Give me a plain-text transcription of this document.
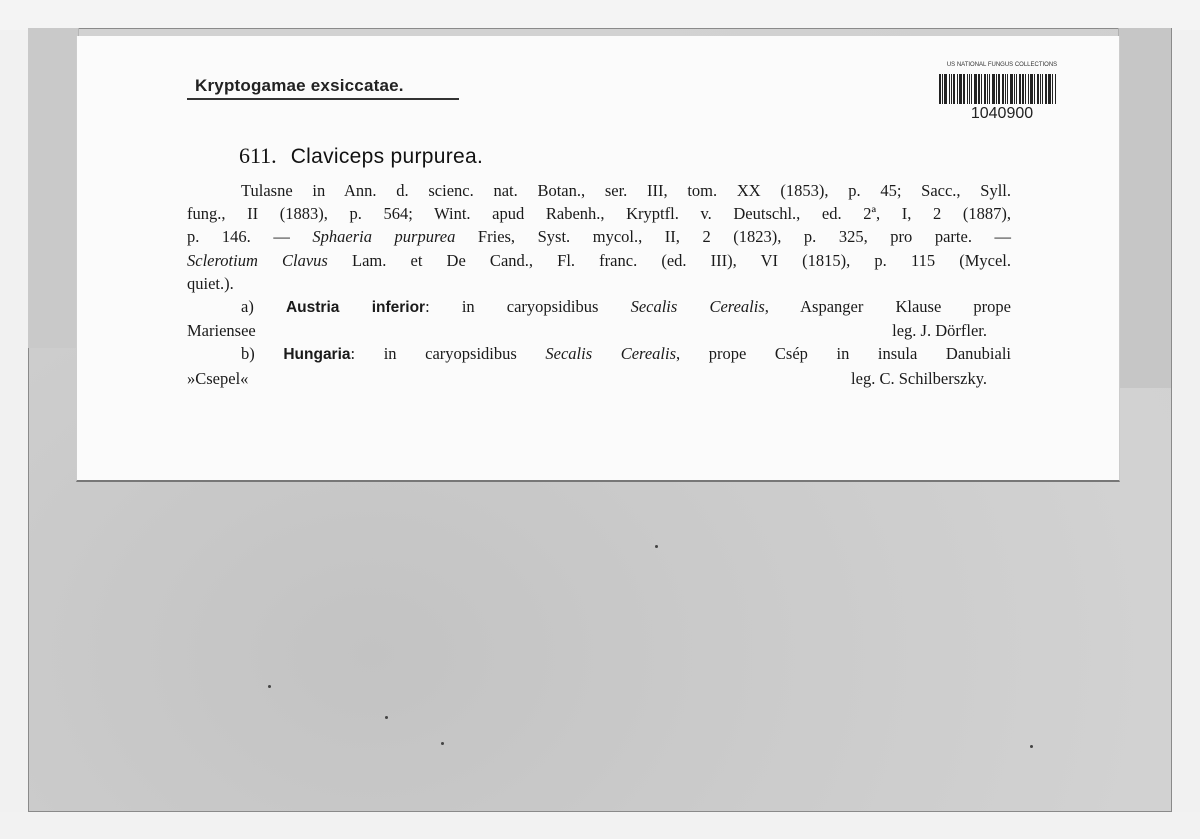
Kryptogamae exsiccatae.
US NATIONAL FUNGUS COLLECTIONS
1040900
611. Claviceps purpurea.
Tulasne in Ann. d. scienc. nat. Botan., ser. III, tom. XX (1853), p. 45; Sacc., Syll.
fung., II (1883), p. 564; Wint. apud Rabenh., Kryptfl. v. Deutschl., ed. 2ª, I, 2 (1887),
p. 146. — Sphaeria purpurea Fries, Syst. mycol., II, 2 (1823), p. 325, pro parte. —
Sclerotium Clavus Lam. et De Cand., Fl. franc. (ed. III), VI (1815), p. 115 (Mycel.
quiet.).
a) Austria inferior: in caryopsidibus Secalis Cerealis, Aspanger Klause prope
Mariensee	leg. J. Dörfler.
b) Hungaria: in caryopsidibus Secalis Cerealis, prope Csép in insula Danubiali
»Csepel«	leg. C. Schilberszky.
